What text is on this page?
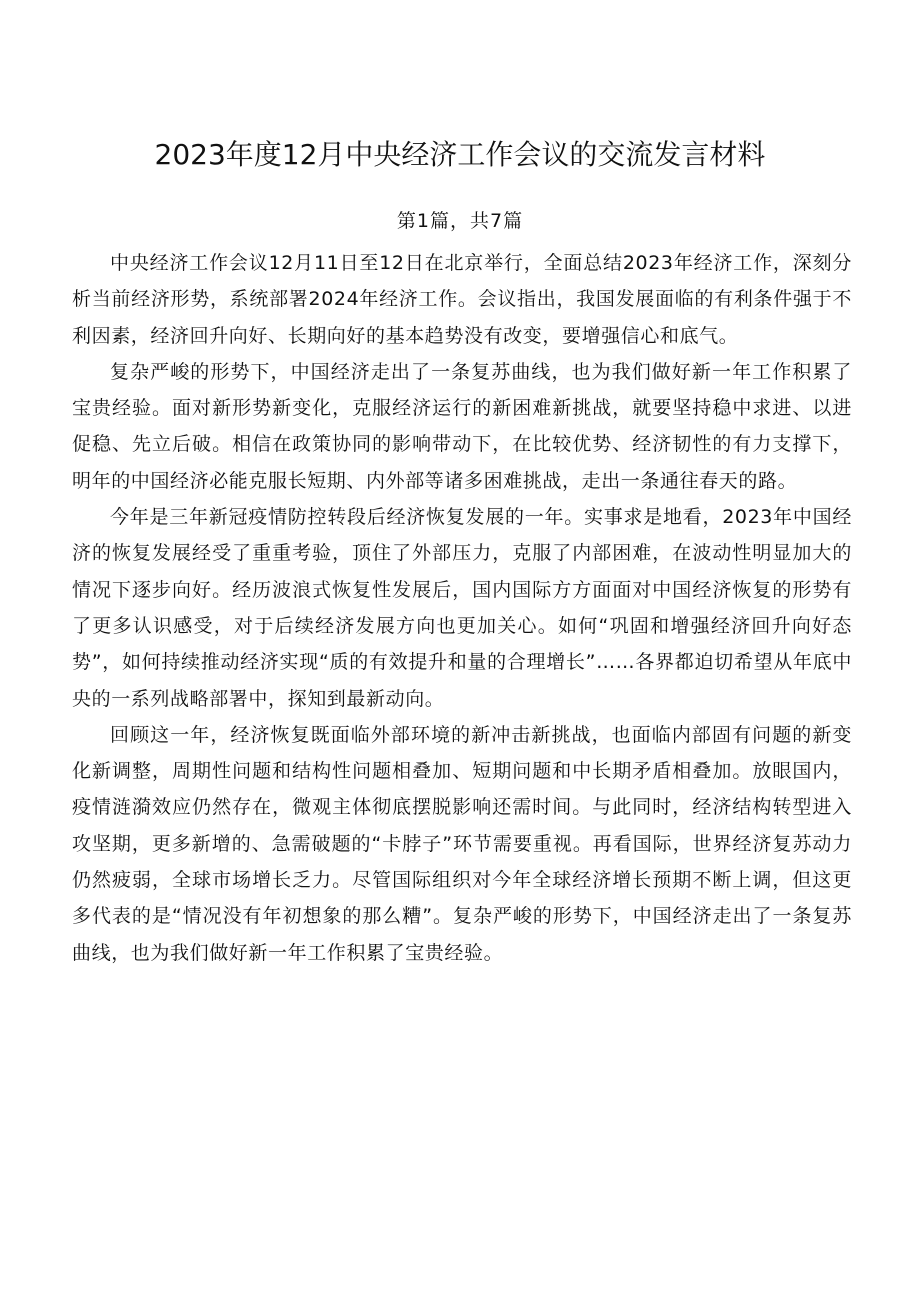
2023年度12月中央经济工作会议的交流发言材料
第1篇，共7篇

中央经济工作会议12月11日至12日在北京举行，全面总结2023年经济工作，深刻分析当前经济形势，系统部署2024年经济工作。会议指出，我国发展面临的有利条件强于不利因素，经济回升向好、长期向好的基本趋势没有改变，要增强信心和底气。

复杂严峻的形势下，中国经济走出了一条复苏曲线，也为我们做好新一年工作积累了宝贵经验。面对新形势新变化，克服经济运行的新困难新挑战，就要坚持稳中求进、以进促稳、先立后破。相信在政策协同的影响带动下，在比较优势、经济韧性的有力支撑下，明年的中国经济必能克服长短期、内外部等诸多困难挑战，走出一条通往春天的路。

今年是三年新冠疫情防控转段后经济恢复发展的一年。实事求是地看，2023年中国经济的恢复发展经受了重重考验，顶住了外部压力，克服了内部困难，在波动性明显加大的情况下逐步向好。经历波浪式恢复性发展后，国内国际方方面面对中国经济恢复的形势有了更多认识感受，对于后续经济发展方向也更加关心。如何“巩固和增强经济回升向好态势”，如何持续推动经济实现“质的有效提升和量的合理增长”……各界都迫切希望从年底中央的一系列战略部署中，探知到最新动向。

回顾这一年，经济恢复既面临外部环境的新冲击新挑战，也面临内部固有问题的新变化新调整，周期性问题和结构性问题相叠加、短期问题和中长期矛盾相叠加。放眼国内，疫情涟漪效应仍然存在，微观主体彻底摆脱影响还需时间。与此同时，经济结构转型进入攻坚期，更多新增的、急需破题的“卡脖子”环节需要重视。再看国际，世界经济复苏动力仍然疲弱，全球市场增长乏力。尽管国际组织对今年全球经济增长预期不断上调，但这更多代表的是“情况没有年初想象的那么糟”。复杂严峻的形势下，中国经济走出了一条复苏曲线，也为我们做好新一年工作积累了宝贵经验。
